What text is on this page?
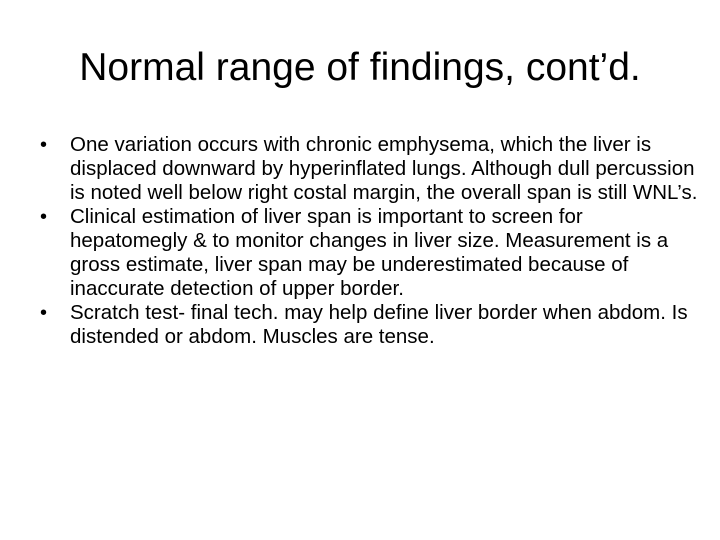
Normal range of findings, cont’d.
•	One variation occurs with chronic emphysema, which the liver is displaced downward by hyperinflated lungs. Although dull percussion is noted well below right costal margin, the overall span is still WNL’s.
•	Clinical estimation of liver span is important to screen for hepatomegly & to monitor changes in liver size. Measurement is a gross estimate, liver span may be underestimated because of inaccurate detection of upper border.
•	Scratch test- final tech. may help define liver border when abdom. Is distended or abdom. Muscles are tense.
